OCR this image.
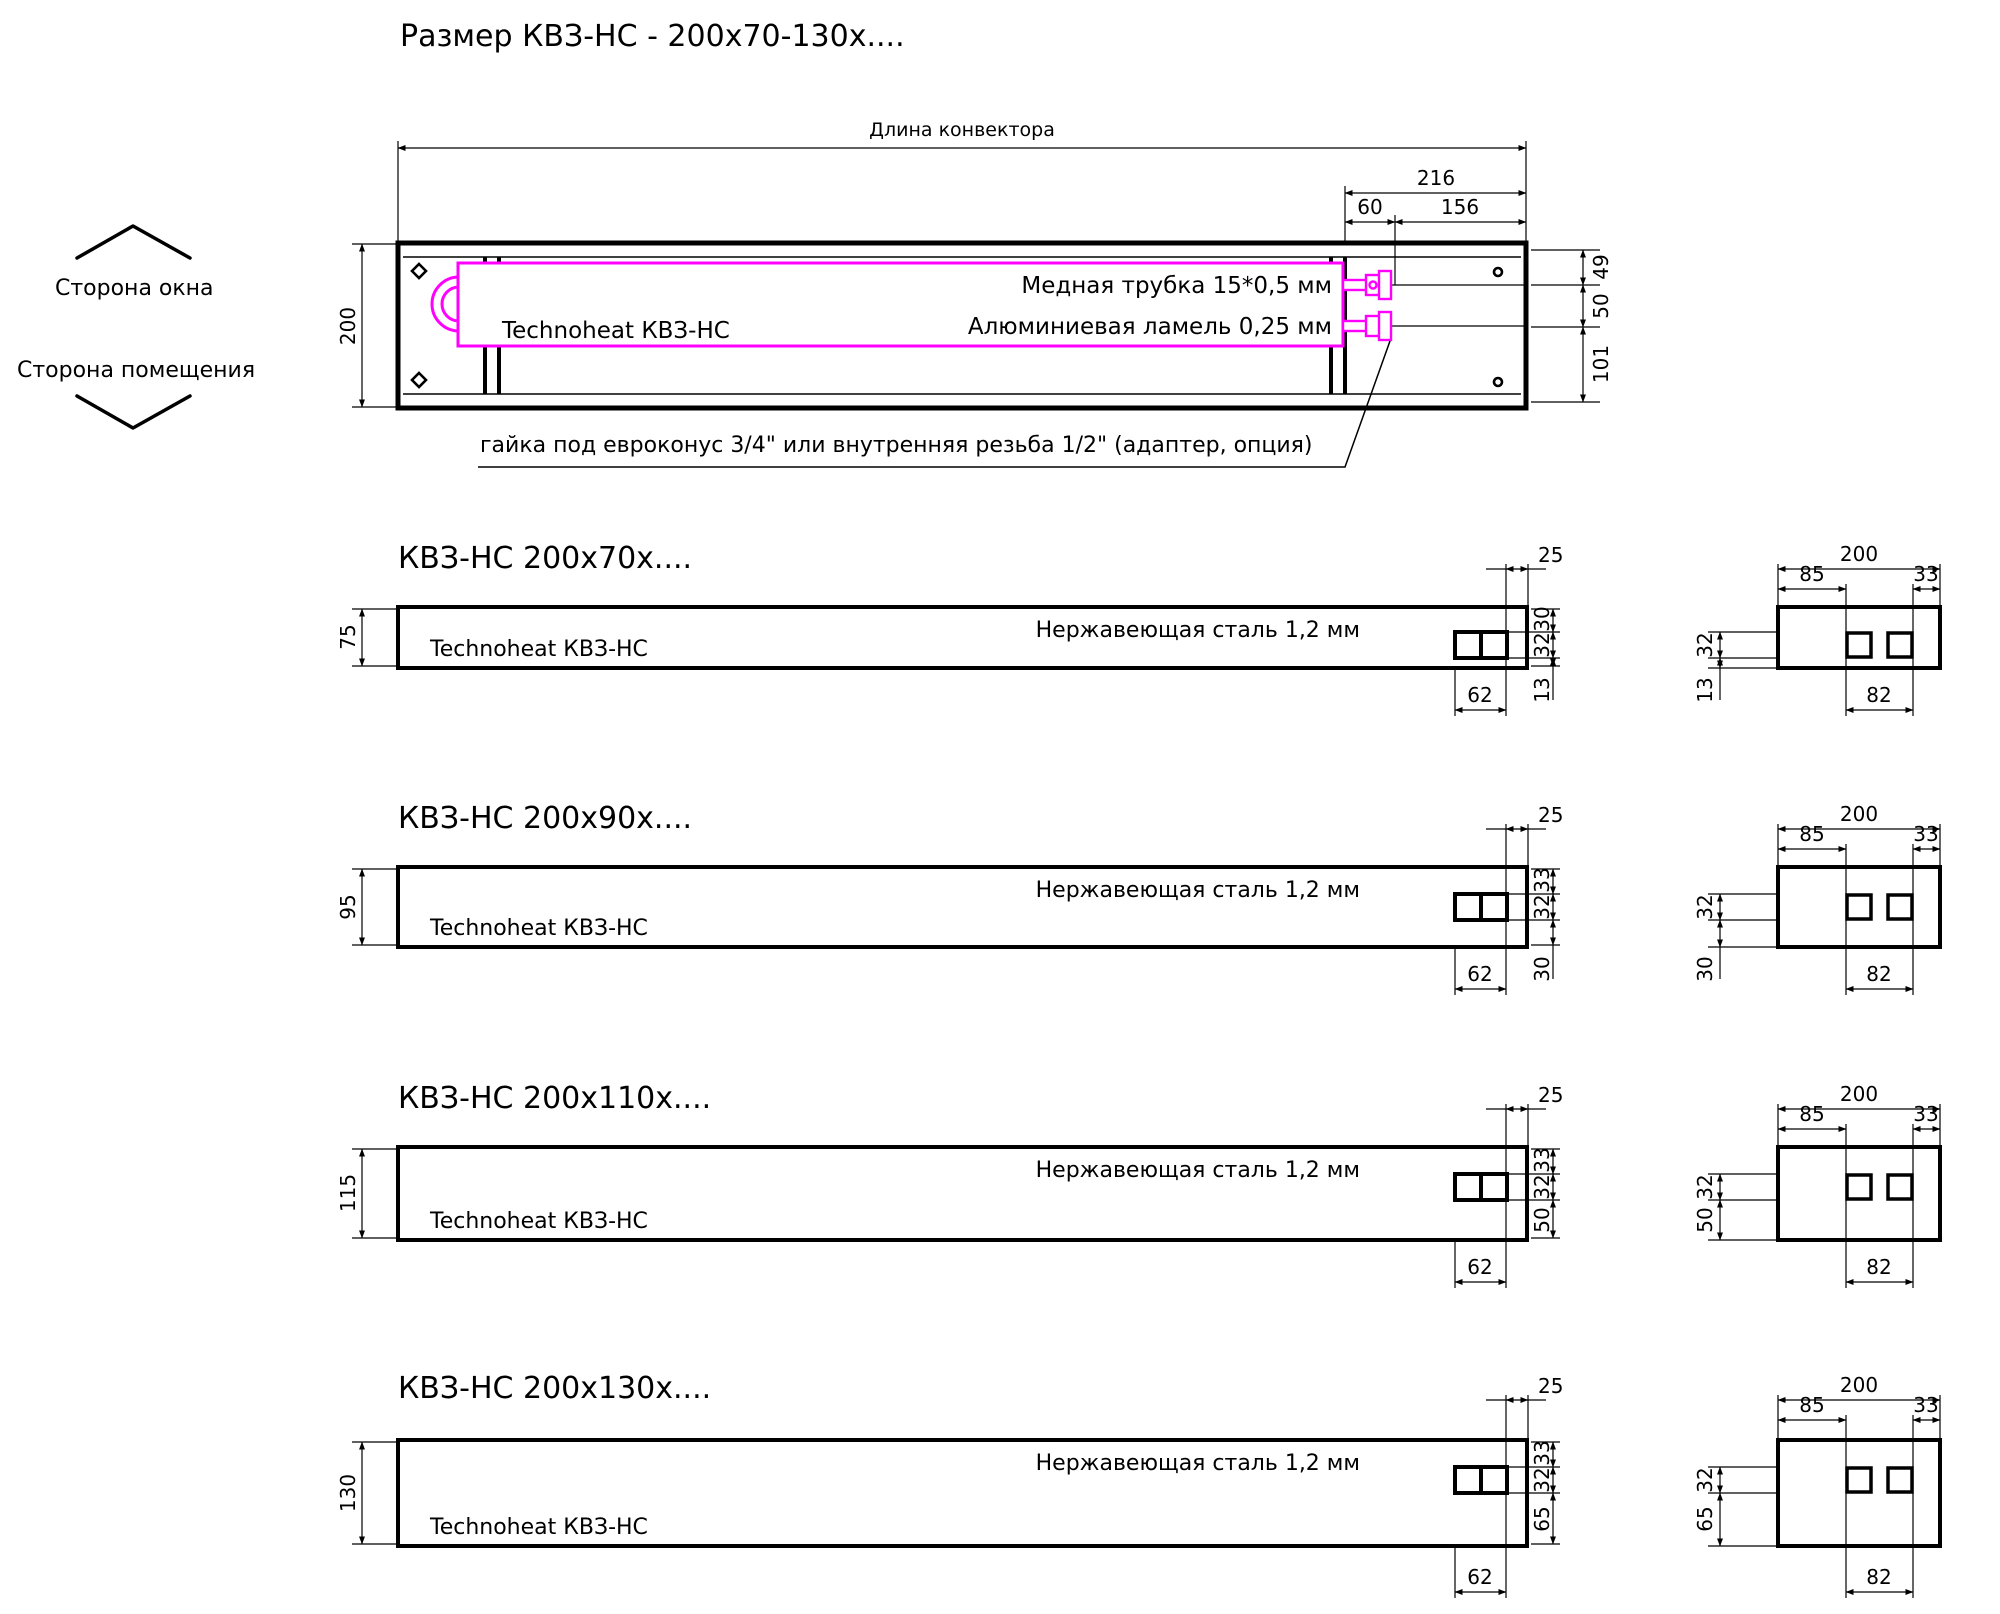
Размер КВЗ-НС - 200х70-130х....
Сторона окна
Сторона помещения
Длина конвектора
216
60	156
200
49
50
101
Technoheat КВЗ-НС
Медная трубка 15*0,5 мм
Алюминиевая ламель 0,25 мм
гайка под евроконус 3/4" или внутренняя резьба 1/2" (адаптер, опция)
КВЗ-НС 200х70х....
Нержавеющая сталь 1,2 мм
Technoheat КВЗ-НС
75
25
30
32
13
62
200
85	33
32
13	82
КВЗ-НС 200х90х....
Нержавеющая сталь 1,2 мм
Technoheat КВЗ-НС
95
25
33
32
30
62
200
85	33
32
30	82
КВЗ-НС 200х110х....
Нержавеющая сталь 1,2 мм
Technoheat КВЗ-НС
115
25
33
32
50
62
200
85	33
32
50
82
КВЗ-НС 200х130х....
Нержавеющая сталь 1,2 мм
Technoheat КВЗ-НС
130
25
33
32
65
62
200
85	33
32
65
82
